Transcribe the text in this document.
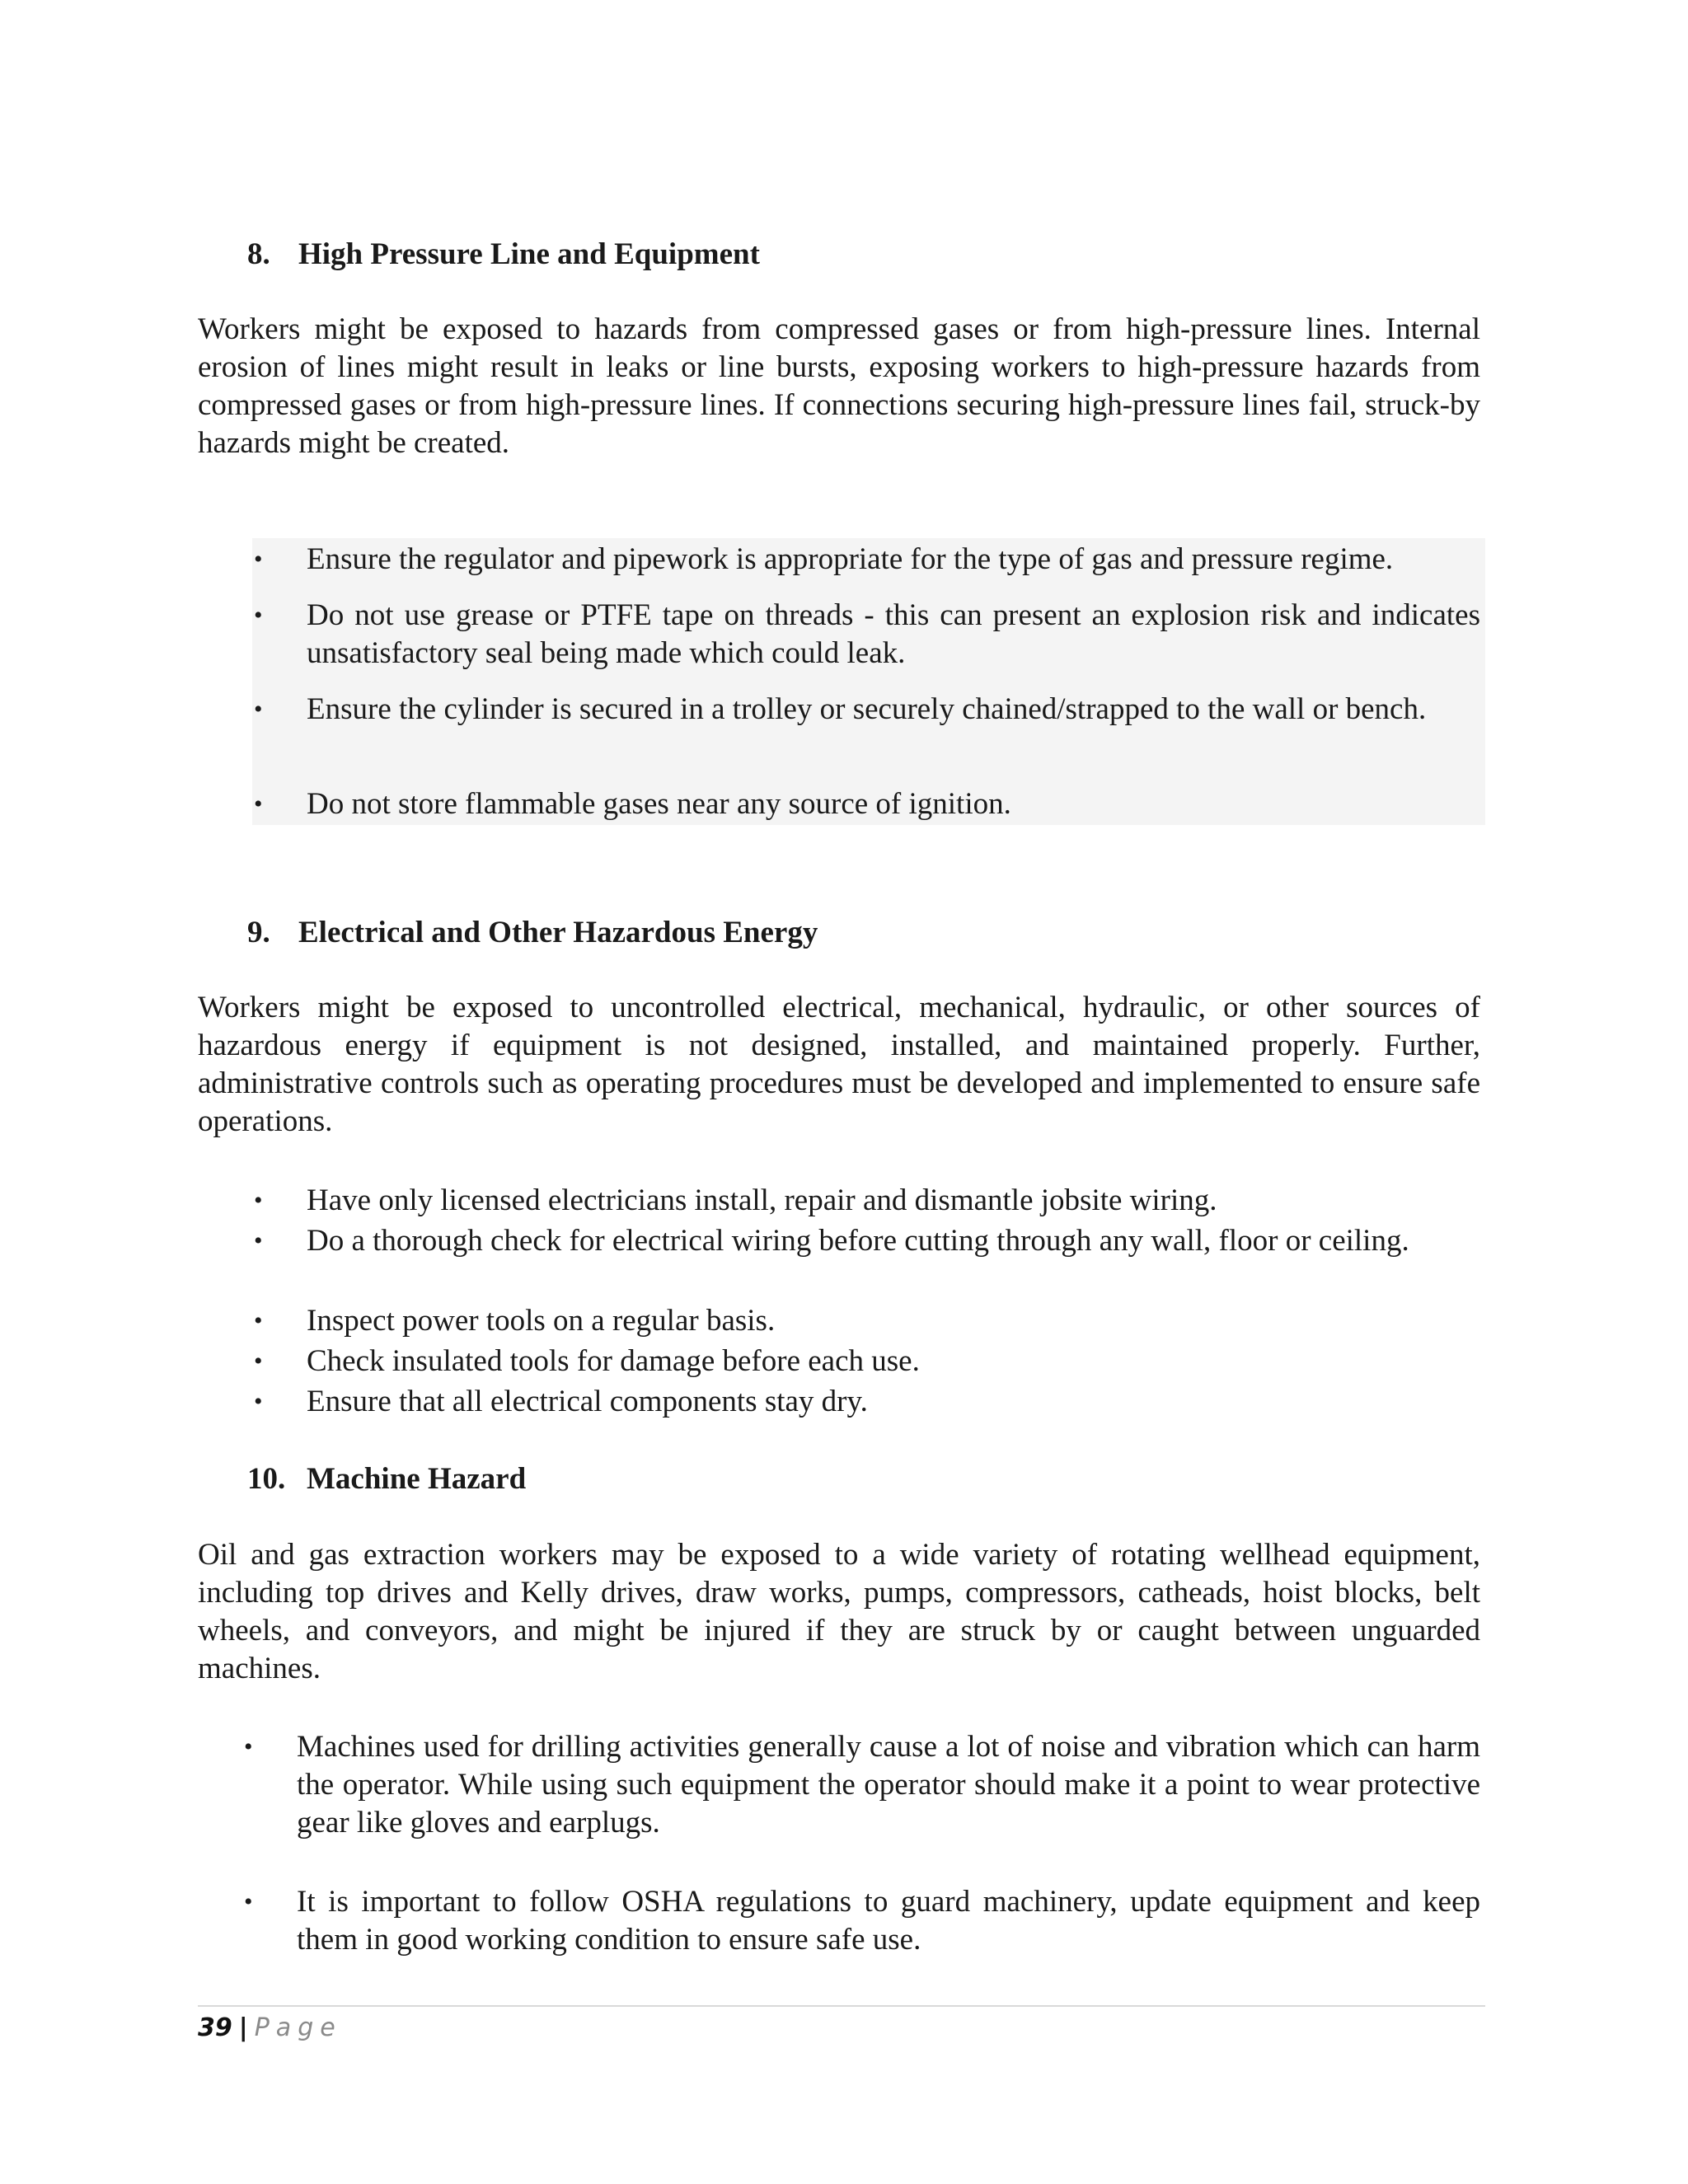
8. High Pressure Line and Equipment
Workers might be exposed to hazards from compressed gases or from high-pressure lines. Internal erosion of lines might result in leaks or line bursts, exposing workers to high-pressure hazards from compressed gases or from high-pressure lines. If connections securing high-pressure lines fail, struck-by hazards might be created.
• Ensure the regulator and pipework is appropriate for the type of gas and pressure regime.
• Do not use grease or PTFE tape on threads - this can present an explosion risk and indicates unsatisfactory seal being made which could leak.
• Ensure the cylinder is secured in a trolley or securely chained/strapped to the wall or bench.
• Do not store flammable gases near any source of ignition.
9. Electrical and Other Hazardous Energy
Workers might be exposed to uncontrolled electrical, mechanical, hydraulic, or other sources of hazardous energy if equipment is not designed, installed, and maintained properly. Further, administrative controls such as operating procedures must be developed and implemented to ensure safe operations.
• Have only licensed electricians install, repair and dismantle jobsite wiring.
• Do a thorough check for electrical wiring before cutting through any wall, floor or ceiling.
• Inspect power tools on a regular basis.
• Check insulated tools for damage before each use.
• Ensure that all electrical components stay dry.
10. Machine Hazard
Oil and gas extraction workers may be exposed to a wide variety of rotating wellhead equipment, including top drives and Kelly drives, draw works, pumps, compressors, catheads, hoist blocks, belt wheels, and conveyors, and might be injured if they are struck by or caught between unguarded machines.
• Machines used for drilling activities generally cause a lot of noise and vibration which can harm the operator. While using such equipment the operator should make it a point to wear protective gear like gloves and earplugs.
• It is important to follow OSHA regulations to guard machinery, update equipment and keep them in good working condition to ensure safe use.
39 | Page
